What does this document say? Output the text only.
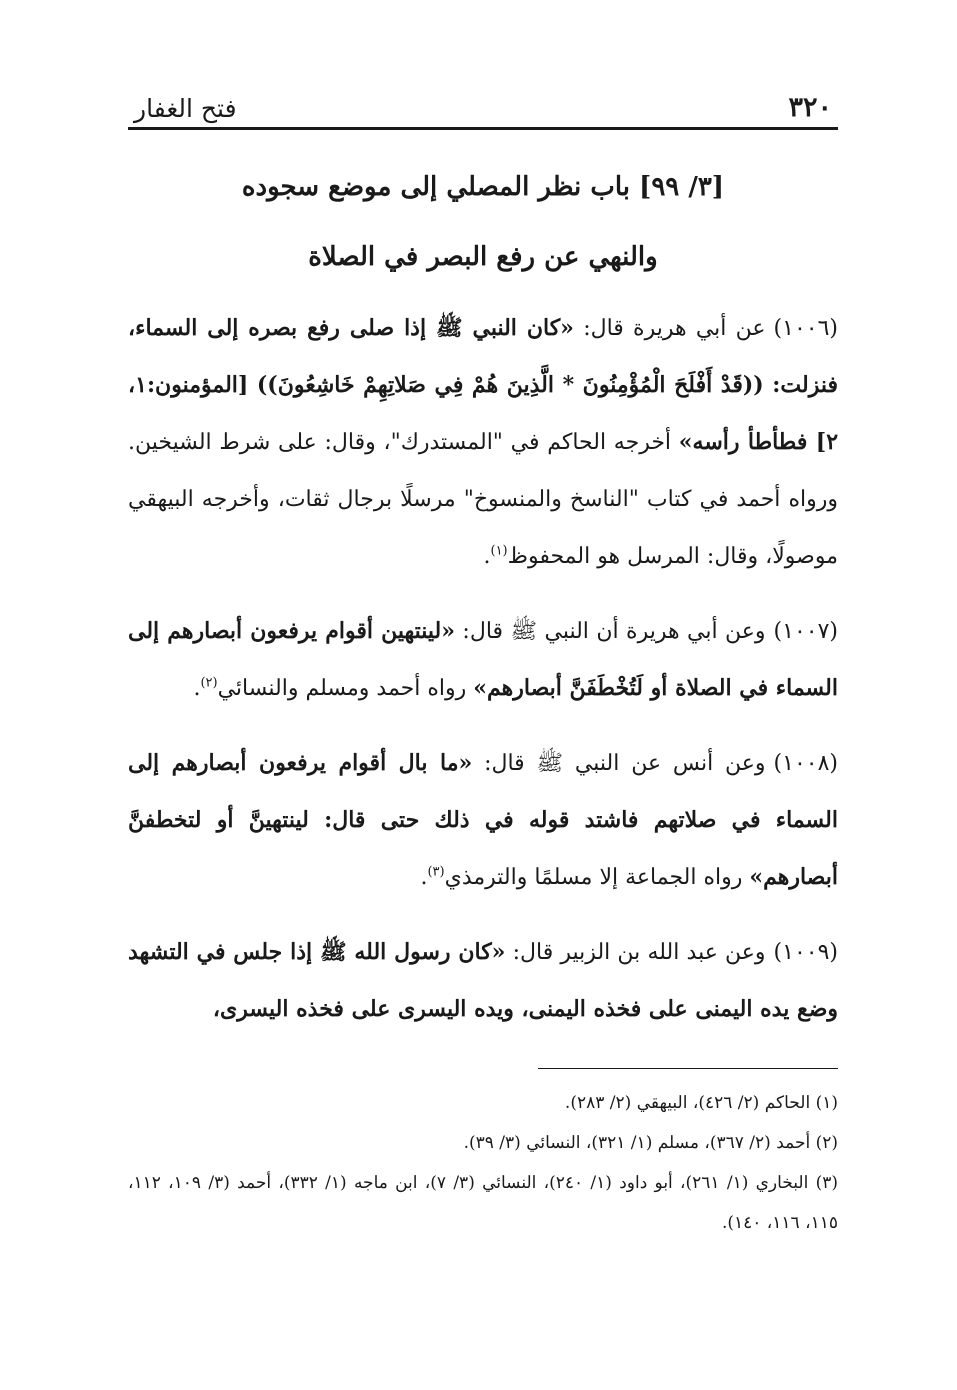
٣٢٠
فتح الغفار
[٣/ ٩٩] باب نظر المصلي إلى موضع سجوده
والنهي عن رفع البصر في الصلاة

(١٠٠٦)عن أبي هريرة قال: «كان النبي ﷺ إذا صلى رفع بصره إلى السماء، فنزلت: ((قَدْ أَفْلَحَ الْمُؤْمِنُونَ * الَّذِينَ هُمْ فِي صَلاتِهِمْ خَاشِعُونَ)) [المؤمنون:١، ٢] فطأطأ رأسه» أخرجه الحاكم في "المستدرك"، وقال: على شرط الشيخين. ورواه أحمد في كتاب "الناسخ والمنسوخ" مرسلًا برجال ثقات، وأخرجه البيهقي موصولًا، وقال: المرسل هو المحفوظ$^{(١)}$.

(١٠٠٧)وعن أبي هريرة أن النبي ﷺ قال: «لينتهين أقوام يرفعون أبصارهم إلى السماء في الصلاة أو لَتُخْطَفَنَّ أبصارهم» رواه أحمد ومسلم والنسائي$^{(٢)}$.

(١٠٠٨)وعن أنس عن النبي ﷺ قال: «ما بال أقوام يرفعون أبصارهم إلى السماء في صلاتهم فاشتد قوله في ذلك حتى قال: لينتهينَّ أو لتخطفنَّ أبصارهم» رواه الجماعة إلا مسلمًا والترمذي$^{(٣)}$.

(١٠٠٩)وعن عبد الله بن الزبير قال: «كان رسول الله ﷺ إذا جلس في التشهد وضع يده اليمنى على فخذه اليمنى، ويده اليسرى على فخذه اليسرى،

(١) الحاكم (٢/ ٤٢٦)، البيهقي (٢/ ٢٨٣).
(٢) أحمد (٢/ ٣٦٧)، مسلم (١/ ٣٢١)، النسائي (٣/ ٣٩).
(٣) البخاري (١/ ٢٦١)، أبو داود (١/ ٢٤٠)، النسائي (٣/ ٧)، ابن ماجه (١/ ٣٣٢)، أحمد (٣/ ١٠٩، ١١٢، ١١٥، ١١٦، ١٤٠).
